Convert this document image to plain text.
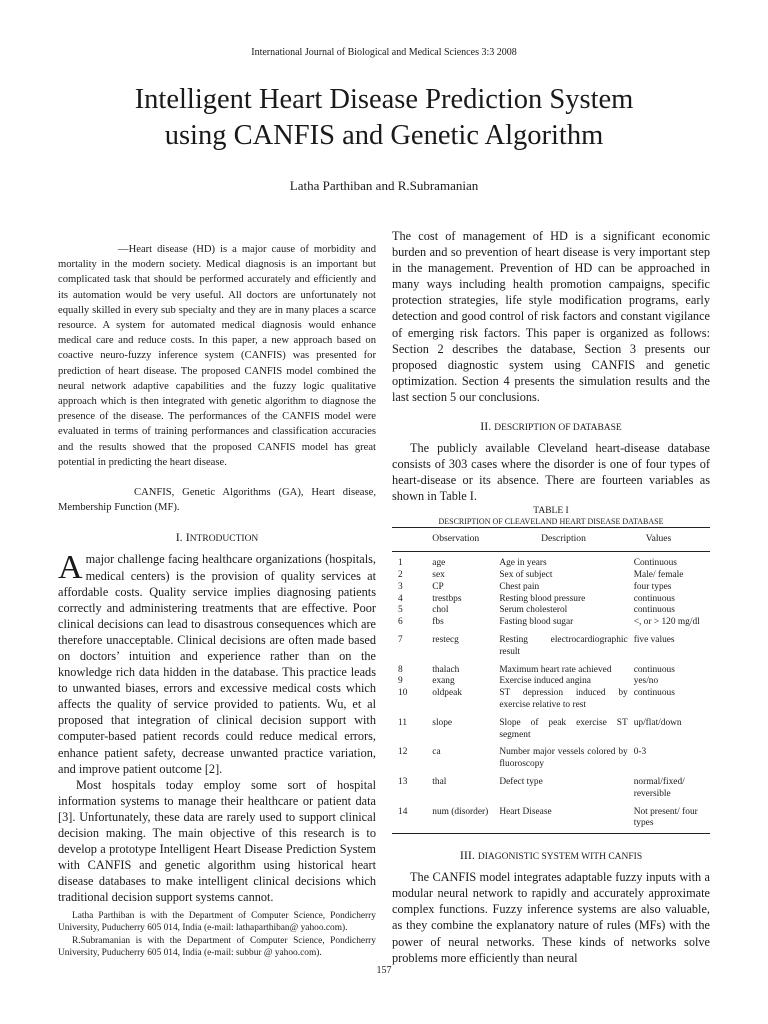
International Journal of Biological and Medical Sciences 3:3 2008
Intelligent Heart Disease Prediction System
using CANFIS and Genetic Algorithm
Latha Parthiban and R.Subramanian
—Heart disease (HD) is a major cause of morbidity and mortality in the modern society. Medical diagnosis is an important but complicated task that should be performed accurately and efficiently and its automation would be very useful. All doctors are unfortunately not equally skilled in every sub specialty and they are in many places a scarce resource. A system for automated medical diagnosis would enhance medical care and reduce costs. In this paper, a new approach based on coactive neuro-fuzzy inference system (CANFIS) was presented for prediction of heart disease. The proposed CANFIS model combined the neural network adaptive capabilities and the fuzzy logic qualitative approach which is then integrated with genetic algorithm to diagnose the presence of the disease. The performances of the CANFIS model were evaluated in terms of training performances and classification accuracies and the results showed that the proposed CANFIS model has great potential in predicting the heart disease.
CANFIS, Genetic Algorithms (GA), Heart disease, Membership Function (MF).
I. INTRODUCTION

Amajor challenge facing healthcare organizations (hospitals, medical centers) is the provision of quality services at affordable costs. Quality service implies diagnosing patients correctly and administering treatments that are effective. Poor clinical decisions can lead to disastrous consequences which are therefore unacceptable. Clinical decisions are often made based on doctors’ intuition and experience rather than on the knowledge rich data hidden in the database. This practice leads to unwanted biases, errors and excessive medical costs which affects the quality of service provided to patients. Wu, et al proposed that integration of clinical decision support with computer-based patient records could reduce medical errors, enhance patient safety, decrease unwanted practice variation, and improve patient outcome [2].

Most hospitals today employ some sort of hospital information systems to manage their healthcare or patient data [3]. Unfortunately, these data are rarely used to support clinical decision making. The main objective of this research is to develop a prototype Intelligent Heart Disease Prediction System with CANFIS and genetic algorithm using historical heart disease databases to make intelligent clinical decisions which traditional decision support systems cannot.

Latha Parthiban is with the Department of Computer Science, Pondicherry University, Puducherry 605 014, India (e-mail: lathaparthiban@ yahoo.com).

R.Subramanian is with the Department of Computer Science, Pondicherry University, Puducherry 605 014, India (e-mail: subbur @ yahoo.com).

The cost of management of HD is a significant economic burden and so prevention of heart disease is very important step in the management. Prevention of HD can be approached in many ways including health promotion campaigns, specific protection strategies, life style modification programs, early detection and good control of risk factors and constant vigilance of emerging risk factors. This paper is organized as follows: Section 2 describes the database, Section 3 presents our proposed diagnostic system using CANFIS and genetic optimization. Section 4 presents the simulation results and the last section 5 our conclusions.

II. DESCRIPTION OF DATABASE

The publicly available Cleveland heart-disease database consists of 303 cases where the disorder is one of four types of heart-disease or its absence. There are fourteen variables as shown in Table I.

TABLE I
DESCRIPTION OF CLEAVELAND HEART DISEASE DATABASE
	Observation	Description	Values
1	age	Age in years	Continuous
2	sex	Sex of subject	Male/ female
3	CP	Chest pain	four types
4	trestbps	Resting blood pressure	continuous
5	chol	Serum cholesterol	continuous
6	fbs	Fasting blood sugar	<, or > 120 mg/dl
7	restecg	Resting electrocardiographic result	five values
8	thalach	Maximum heart rate achieved	continuous
9	exang	Exercise induced angina	yes/no
10	oldpeak	ST depression induced by exercise relative to rest	continuous
11	slope	Slope of peak exercise ST segment	up/flat/down
12	ca	Number major vessels colored by fluoroscopy	0-3
13	thal	Defect type	normal/fixed/ reversible
14	num (disorder)	Heart Disease	Not present/ four types
III. DIAGONISTIC SYSTEM WITH CANFIS

The CANFIS model integrates adaptable fuzzy inputs with a modular neural network to rapidly and accurately approximate complex functions. Fuzzy inference systems are also valuable, as they combine the explanatory nature of rules (MFs) with the power of neural networks. These kinds of networks solve problems more efficiently than neural

157
